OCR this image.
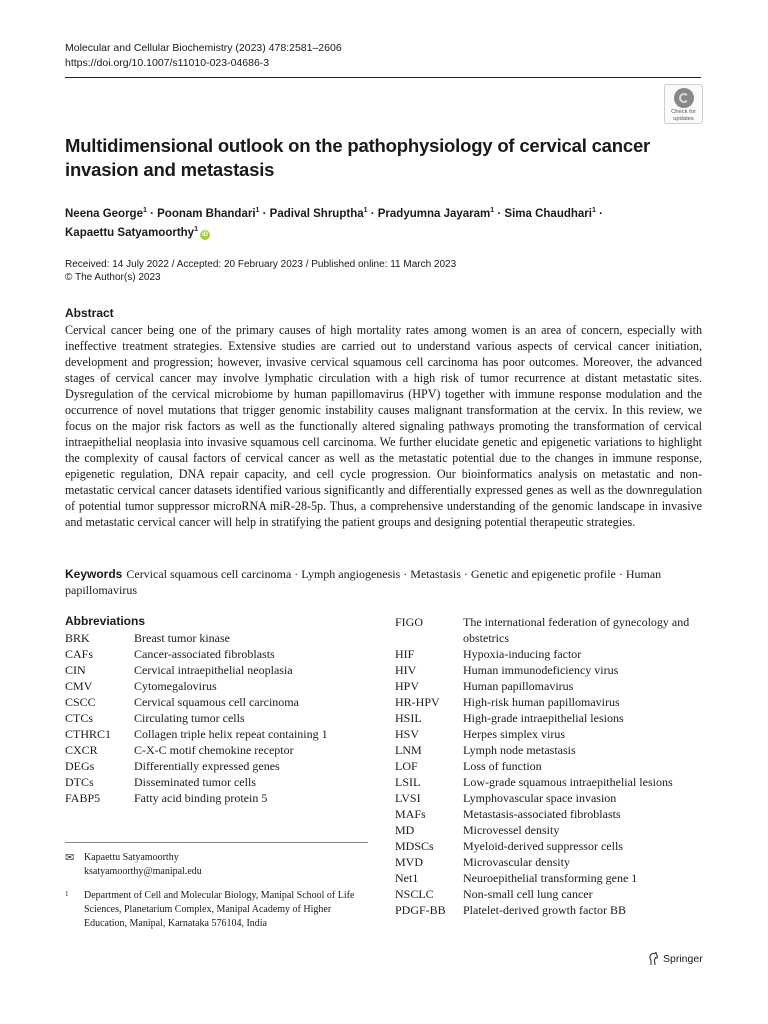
Molecular and Cellular Biochemistry (2023) 478:2581–2606
https://doi.org/10.1007/s11010-023-04686-3
Check for
updates
Multidimensional outlook on the pathophysiology of cervical cancer invasion and metastasis
Neena George$^1$ · Poonam Bhandari$^1$ · Padival Shruptha$^1$ · Pradyumna Jayaram$^1$ · Sima Chaudhari$^1$ ·
Kapaettu Satyamoorthy$^1$iD
Received: 14 July 2022 / Accepted: 20 February 2023 / Published online: 11 March 2023
© The Author(s) 2023
Abstract

Cervical cancer being one of the primary causes of high mortality rates among women is an area of concern, especially with ineffective treatment strategies. Extensive studies are carried out to understand various aspects of cervical cancer initiation, development and progression; however, invasive cervical squamous cell carcinoma has poor outcomes. Moreover, the advanced stages of cervical cancer may involve lymphatic circulation with a high risk of tumor recurrence at distant metastatic sites. Dysregulation of the cervical microbiome by human papillomavirus (HPV) together with immune response modulation and the occurrence of novel mutations that trigger genomic instability causes malignant transformation at the cervix. In this review, we focus on the major risk factors as well as the functionally altered signaling pathways promoting the transformation of cervical intraepithelial neoplasia into invasive squamous cell carcinoma. We further elucidate genetic and epigenetic variations to highlight the complexity of causal factors of cervical cancer as well as the metastatic potential due to the changes in immune response, epigenetic regulation, DNA repair capacity, and cell cycle progression. Our bioinformatics analysis on metastatic and non-metastatic cervical cancer datasets identified various significantly and differentially expressed genes as well as the downregulation of potential tumor suppressor microRNA miR-28-5p. Thus, a comprehensive understanding of the genomic landscape in invasive and metastatic cervical cancer will help in stratifying the patient groups and designing potential therapeutic strategies.

Keywords Cervical squamous cell carcinoma · Lymph angiogenesis · Metastasis · Genetic and epigenetic profile · Human papillomavirus
Abbreviations
BRK	Breast tumor kinase
CAFs	Cancer-associated fibroblasts
CIN	Cervical intraepithelial neoplasia
CMV	Cytomegalovirus
CSCC	Cervical squamous cell carcinoma
CTCs	Circulating tumor cells
CTHRC1	Collagen triple helix repeat containing 1
CXCR	C-X-C motif chemokine receptor
DEGs	Differentially expressed genes
DTCs	Disseminated tumor cells
FABP5	Fatty acid binding protein 5
FIGO	The international federation of gynecology and obstetrics
HIF	Hypoxia-inducing factor
HIV	Human immunodeficiency virus
HPV	Human papillomavirus
HR-HPV	High-risk human papillomavirus
HSIL	High-grade intraepithelial lesions
HSV	Herpes simplex virus
LNM	Lymph node metastasis
LOF	Loss of function
LSIL	Low-grade squamous intraepithelial lesions
LVSI	Lymphovascular space invasion
MAFs	Metastasis-associated fibroblasts
MD	Microvessel density
MDSCs	Myeloid-derived suppressor cells
MVD	Microvascular density
Net1	Neuroepithelial transforming gene 1
NSCLC	Non-small cell lung cancer
PDGF-BB	Platelet-derived growth factor BB
✉ Kapaettu Satyamoorthy
ksatyamoorthy@manipal.edu
1	Department of Cell and Molecular Biology, Manipal School of Life Sciences, Planetarium Complex, Manipal Academy of Higher Education, Manipal, Karnataka 576104, India
Springer
